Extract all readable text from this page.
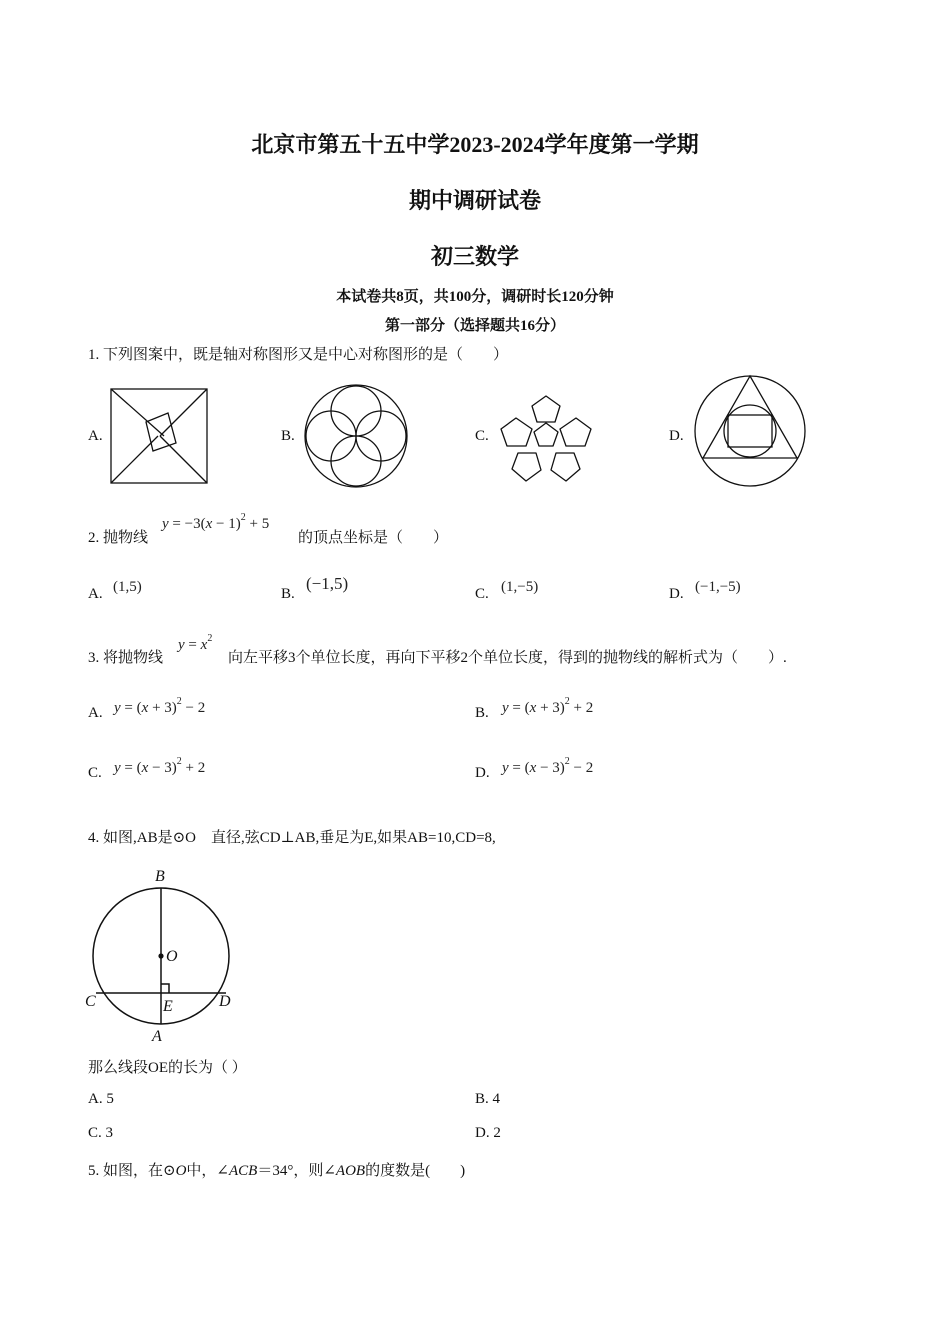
北京市第五十五中学2023-2024学年度第一学期
期中调研试卷
初三数学
本试卷共8页，共100分，调研时长120分钟
第一部分（选择题共16分）
1. 下列图案中，既是轴对称图形又是中心对称图形的是（　　）
A.	B.	C.	D.
2. 抛物线
$y = -3(x - 1)^2 + 5$
的顶点坐标是（　　）
A. (1,5)	B.
(−1,5)
C. (1,−5)	D. (−1,−5)
3. 将抛物线
$y = x^2$
向左平移3个单位长度，再向下平移2个单位长度，得到的抛物线的解析式为（　　）.
A. $y = (x + 3)^2 - 2$	B. $y = (x + 3)^2 + 2$
C. $y = (x - 3)^2 + 2$	D. $y = (x - 3)^2 - 2$
4. 如图,AB是⊙O　直径,弦CD⊥AB,垂足为E,如果AB=10,CD=8,
B
O
C	E	D
A
那么线段OE的长为（ ）
A. 5	B. 4
C. 3	D. 2
5. 如图，在⊙O中，∠ACB＝34°，则∠AOB的度数是(　　)
